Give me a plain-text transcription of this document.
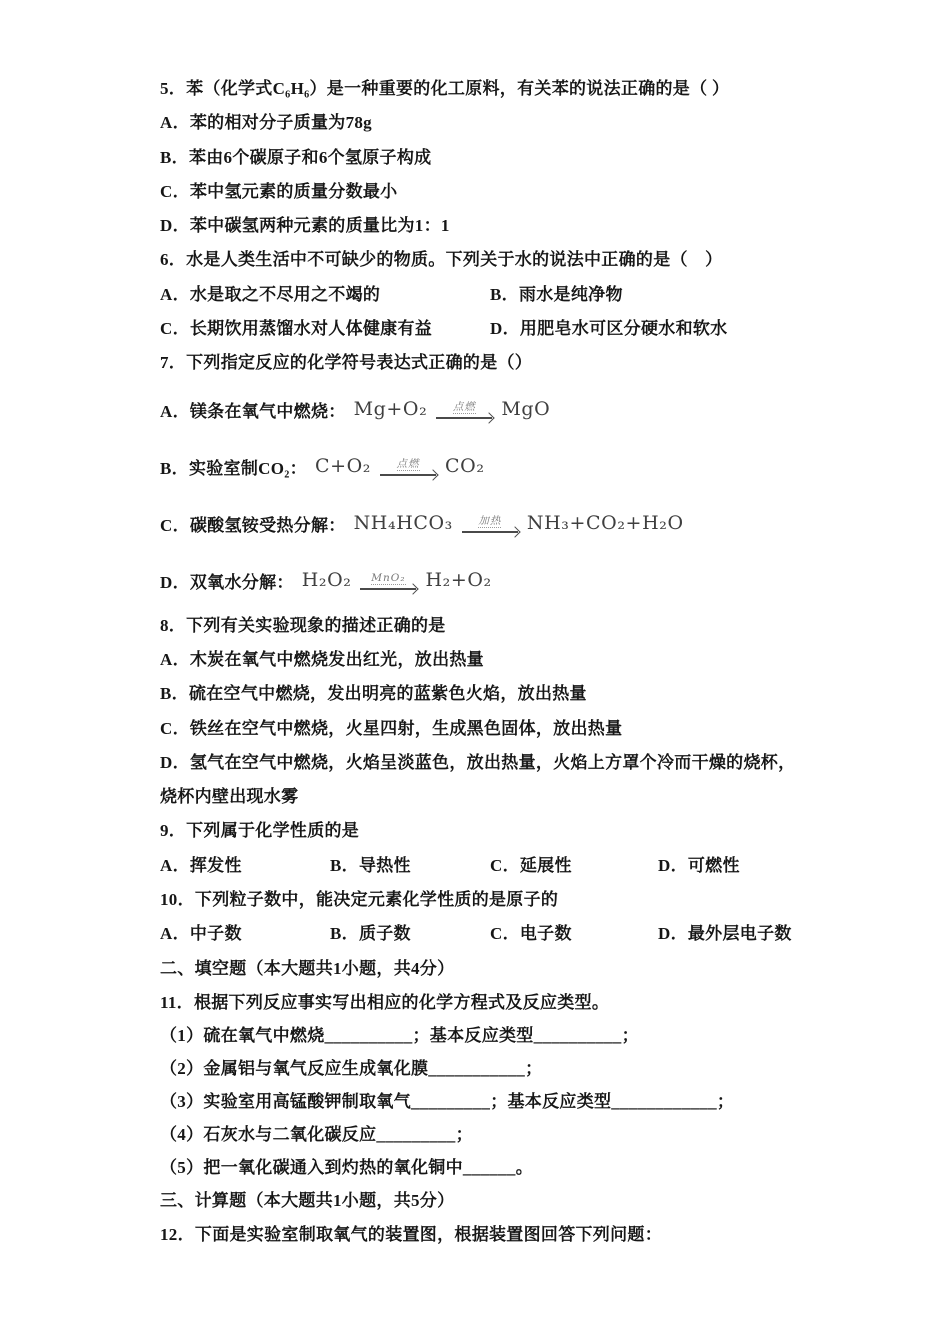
5．苯（化学式C₆H₆）是一种重要的化工原料，有关苯的说法正确的是（ ）

A．苯的相对分子质量为78g

B．苯由6个碳原子和6个氢原子构成

C．苯中氢元素的质量分数最小

D．苯中碳氢两种元素的质量比为1：1

6．水是人类生活中不可缺少的物质。下列关于水的说法中正确的是（　）

A．水是取之不尽用之不竭的	B．雨水是纯净物
C．长期饮用蒸馏水对人体健康有益	D．用肥皂水可区分硬水和软水

7．下列指定反应的化学符号表达式正确的是（）

A．镁条在氧气中燃烧： Mg+O₂ 点燃 MgO
B．实验室制CO₂： C+O₂ 点燃 CO₂
C．碳酸氢铵受热分解： NH₄HCO₃ 加热 NH₃+CO₂+H₂O
D．双氧水分解： H₂O₂ MnO₂ H₂+O₂

8．下列有关实验现象的描述正确的是

A．木炭在氧气中燃烧发出红光，放出热量

B．硫在空气中燃烧，发出明亮的蓝紫色火焰，放出热量

C．铁丝在空气中燃烧，火星四射，生成黑色固体，放出热量

D．氢气在空气中燃烧，火焰呈淡蓝色，放出热量，火焰上方罩个冷而干燥的烧杯，

烧杯内壁出现水雾

9．下列属于化学性质的是

A．挥发性	B．导热性	C．延展性	D．可燃性

10．下列粒子数中，能决定元素化学性质的是原子的

A．中子数	B．质子数	C．电子数	D．最外层电子数

二、填空题（本大题共1小题，共4分）

11．根据下列反应事实写出相应的化学方程式及反应类型。

（1）硫在氧气中燃烧__________；基本反应类型__________；

（2）金属铝与氧气反应生成氧化膜___________；

（3）实验室用高锰酸钾制取氧气_________；基本反应类型____________；

（4）石灰水与二氧化碳反应_________；

（5）把一氧化碳通入到灼热的氧化铜中______。

三、计算题（本大题共1小题，共5分）

12．下面是实验室制取氧气的装置图，根据装置图回答下列问题：
